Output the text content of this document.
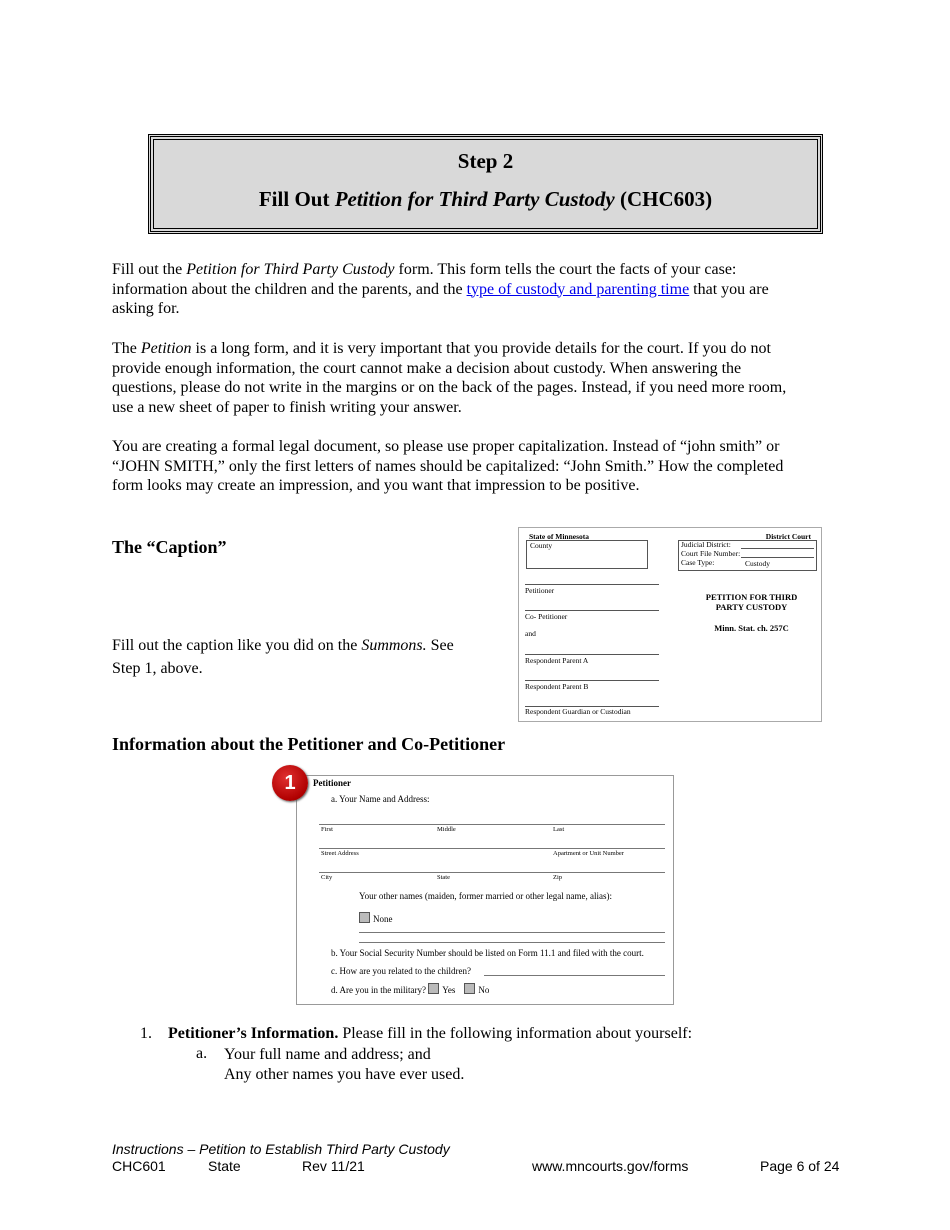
Step 2
Fill Out Petition for Third Party Custody (CHC603)
Fill out the Petition for Third Party Custody form. This form tells the court the facts of your case:
information about the children and the parents, and the type of custody and parenting time that you are
asking for.
The Petition is a long form, and it is very important that you provide details for the court. If you do not
provide enough information, the court cannot make a decision about custody. When answering the
questions, please do not write in the margins or on the back of the pages. Instead, if you need more room,
use a new sheet of paper to finish writing your answer.
You are creating a formal legal document, so please use proper capitalization. Instead of “john smith” or
“JOHN SMITH,” only the first letters of names should be capitalized: “John Smith.” How the completed
form looks may create an impression, and you want that impression to be positive.
The “Caption”
Fill out the caption like you did on the Summons. See
Step 1, above.
State of Minnesota	District Court
County	Judicial District:
Court File Number:
Case Type:	Custody
Petitioner
Co- Petitioner
and
Respondent Parent A
Respondent Parent B
Respondent Guardian or Custodian
PETITION FOR THIRD
PARTY CUSTODY
Minn. Stat. ch. 257C
Information about the Petitioner and Co-Petitioner
Petitioner
a. Your Name and Address:
First	Middle	Last
Street Address	Apartment or Unit Number
City	State	Zip
Your other names (maiden, former married or other legal name, alias):
None
b. Your Social Security Number should be listed on Form 11.1 and filed with the court.
c. How are you related to the children?
d. Are you in the military? Yes	No
1
1. Petitioner’s Information. Please fill in the following information about yourself:
a. Your full name and address; and
Any other names you have ever used.
Instructions – Petition to Establish Third Party Custody
CHC601	State	Rev 11/21	www.mncourts.gov/forms	Page 6 of 24
